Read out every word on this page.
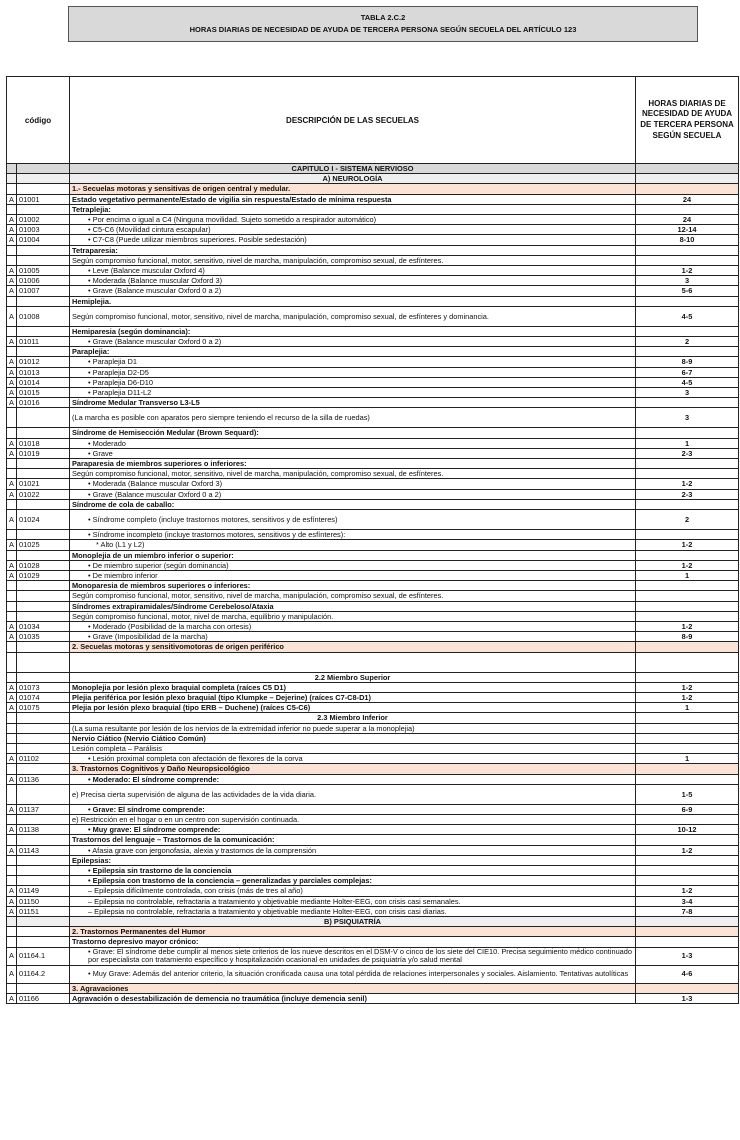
TABLA 2.C.2
HORAS DIARIAS DE NECESIDAD DE AYUDA DE TERCERA PERSONA SEGÚN SECUELA DEL ARTÍCULO 123
código		DESCRIPCIÓN DE LAS SECUELAS	HORAS DIARIAS DE NECESIDAD DE AYUDA DE TERCERA PERSONA SEGÚN SECUELA
		CAPITULO I - SISTEMA NERVIOSO	
		A) NEUROLOGÍA	
		1.- Secuelas motoras y sensitivas de origen central y medular.	
A	01001	Estado vegetativo permanente/Estado de vigilia sin respuesta/Estado de mínima respuesta	24
		Tetraplejia:	
A	01002	• Por encima o igual a C4 (Ninguna movilidad. Sujeto sometido a respirador automático)	24
A	01003	• C5-C6 (Movilidad cintura escapular)	12-14
A	01004	• C7-C8 (Puede utilizar miembros superiores. Posible sedestación)	8-10
		Tetraparesia:	
		Según compromiso funcional, motor, sensitivo, nivel de marcha, manipulación, compromiso sexual, de esfínteres.	
A	01005	• Leve (Balance muscular Oxford 4)	1-2
A	01006	• Moderada (Balance muscular Oxford 3)	3
A	01007	• Grave (Balance muscular Oxford 0 a 2)	5-6
		Hemiplejia.	
A	01008	Según compromiso funcional, motor, sensitivo, nivel de marcha, manipulación, compromiso sexual, de esfínteres y dominancia.	4-5
		Hemiparesia (según dominancia):	
A	01011	• Grave (Balance muscular Oxford 0 a 2)	2
		Paraplejia:	
A	01012	• Paraplejia D1	8-9
A	01013	• Paraplejia D2-D5	6-7
A	01014	• Paraplejia D6-D10	4-5
A	01015	• Paraplejia D11-L2	3
A	01016	Síndrome Medular Transverso L3-L5	
		(La marcha es posible con aparatos pero siempre teniendo el recurso de la silla de ruedas)	3
		Síndrome de Hemisección Medular (Brown Sequard):	
A	01018	• Moderado	1
A	01019	• Grave	2-3
		Paraparesia de miembros superiores o inferiores:	
		Según compromiso funcional, motor, sensitivo, nivel de marcha, manipulación, compromiso sexual, de esfínteres.	
A	01021	• Moderada (Balance muscular Oxford 3)	1-2
A	01022	• Grave (Balance muscular Oxford 0 a 2)	2-3
		Síndrome de cola de caballo:	
A	01024	• Síndrome completo (incluye trastornos motores, sensitivos y de esfínteres)	2
		• Síndrome incompleto (incluye trastornos motores, sensitivos y de esfínteres):	
A	01025	* Alto (L1 y L2)	1-2
		Monoplejia de un miembro inferior o superior:	
A	01028	• De miembro superior (según dominancia)	1-2
A	01029	• De miembro inferior	1
		Monoparesia de miembros superiores o inferiores:	
		Según compromiso funcional, motor, sensitivo, nivel de marcha, manipulación, compromiso sexual, de esfínteres.	
		Síndromes extrapiramidales/Síndrome Cerebeloso/Ataxia	
		Según compromiso funcional, motor, nivel de marcha, equilibrio y manipulación.	
A	01034	• Moderado (Posibilidad de la marcha con ortesis)	1-2
A	01035	• Grave (Imposibilidad de la marcha)	8-9
		2. Secuelas motoras y sensitivomotoras de origen periférico	

		2.2 Miembro Superior	
A	01073	Monoplejia por lesión plexo braquial completa (raíces C5 D1)	1-2
A	01074	Plejia periférica por lesión plexo braquial (tipo Klumpke – Dejerine) (raíces C7-C8-D1)	1-2
A	01075	Plejia por lesión plexo braquial (tipo ERB – Duchene) (raíces C5-C6)	1
		2.3 Miembro Inferior	
		(La suma resultante por lesión de los nervios de la extremidad inferior no puede superar a la monoplejia)	
		Nervio Ciático (Nervio Ciático Común)	
		Lesión completa – Parálisis	
A	01102	• Lesión proximal completa con afectación de flexores de la corva	1
		3. Trastornos Cognitivos y Daño Neuropsicológico	
A	01136	• Moderado: El síndrome comprende:	
		e) Precisa cierta supervisión de alguna de las actividades de la vida diaria.	1-5
A	01137	• Grave: El síndrome comprende:	6-9
		e) Restricción en el hogar o en un centro con supervisión continuada.	
A	01138	• Muy grave: El síndrome comprende:	10-12
		Trastornos del lenguaje – Trastornos de la comunicación:	
A	01143	• Afasia grave con jergonofasia, alexia y trastornos de la comprensión	1-2
		Epilepsias:	
		• Epilepsia sin trastorno de la conciencia	
		• Epilepsia con trastorno de la conciencia – generalizadas y parciales complejas:	
A	01149	– Epilepsia difícilmente controlada, con crisis (más de tres al año)	1-2
A	01150	– Epilepsia no controlable, refractaria a tratamiento y objetivable mediante Holter-EEG, con crisis casi semanales.	3-4
A	01151	– Epilepsia no controlable, refractaria a tratamiento y objetivable mediante Holter-EEG, con crisis casi diarias.	7-8
		B) PSIQUIATRÍA	
		2. Trastornos Permanentes del Humor	
		Trastorno depresivo mayor crónico:	
A	01164.1	• Grave: El síndrome debe cumplir al menos siete criterios de los nueve descritos en el DSM-V o cinco de los siete del CIE10. Precisa seguimiento médico continuado por especialista con tratamiento específico y hospitalización ocasional en unidades de psiquiatría y/o salud mental	1-3
A	01164.2	• Muy Grave: Además del anterior criterio, la situación cronificada causa una total pérdida de relaciones interpersonales y sociales. Aislamiento. Tentativas autolíticas	4-6
		3. Agravaciones	
A	01166	Agravación o desestabilización de demencia no traumática (incluye demencia senil)	1-3
